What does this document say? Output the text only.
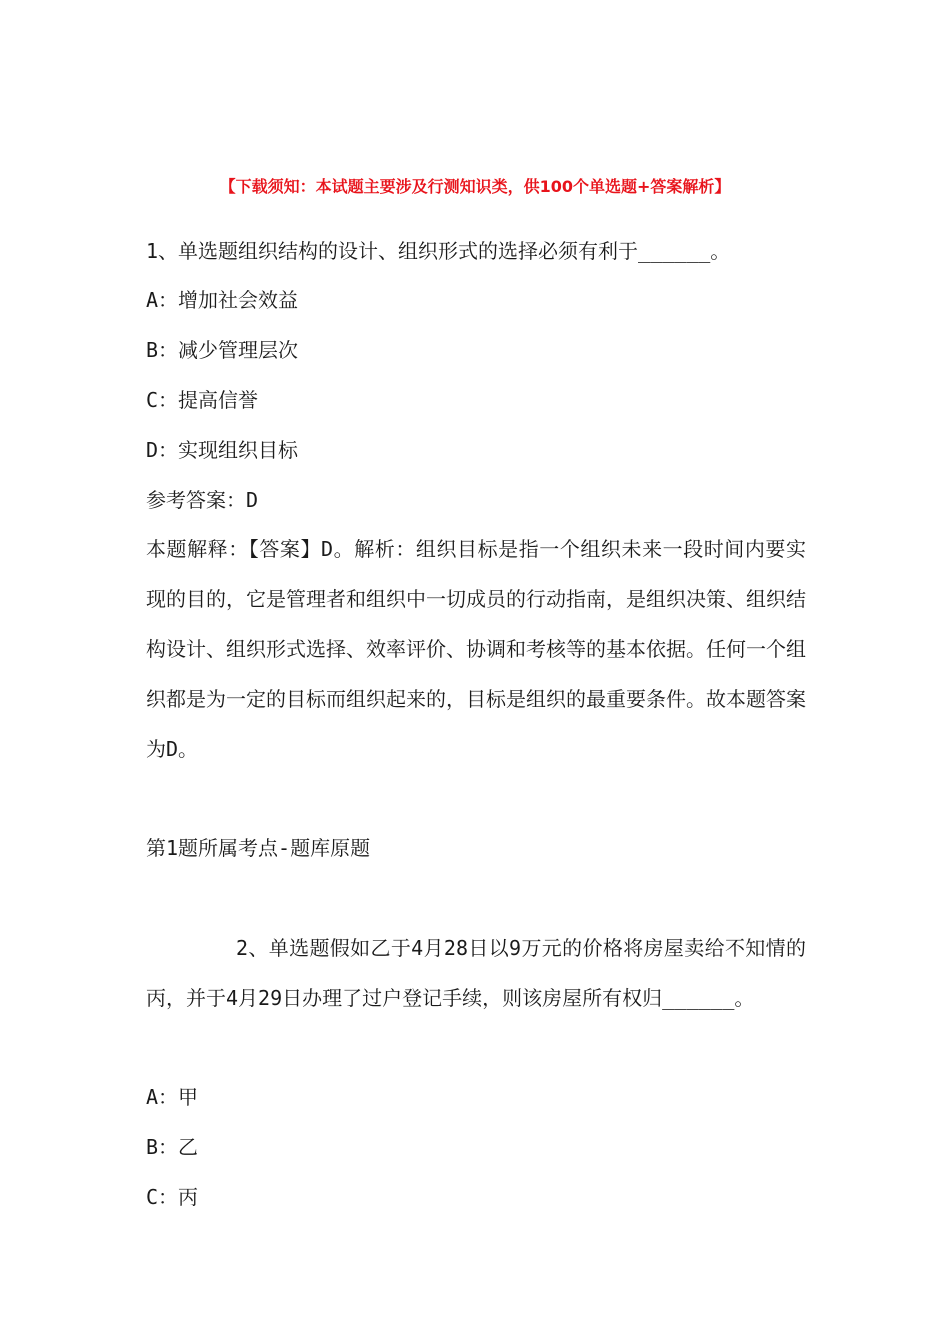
【下载须知：本试题主要涉及行测知识类，供100个单选题+答案解析】
1、单选题组织结构的设计、组织形式的选择必须有利于______。
A：增加社会效益
B：减少管理层次
C：提高信誉
D：实现组织目标
参考答案：D
本题解释：【答案】D。解析：组织目标是指一个组织未来一段时间内要实现的目的，它是管理者和组织中一切成员的行动指南，是组织决策、组织结构设计、组织形式选择、效率评价、协调和考核等的基本依据。任何一个组织都是为一定的目标而组织起来的，目标是组织的最重要条件。故本题答案为D。
第1题所属考点-题库原题
2、单选题假如乙于4月28日以9万元的价格将房屋卖给不知情的丙，并于4月29日办理了过户登记手续，则该房屋所有权归______。
A：甲
B：乙
C：丙
